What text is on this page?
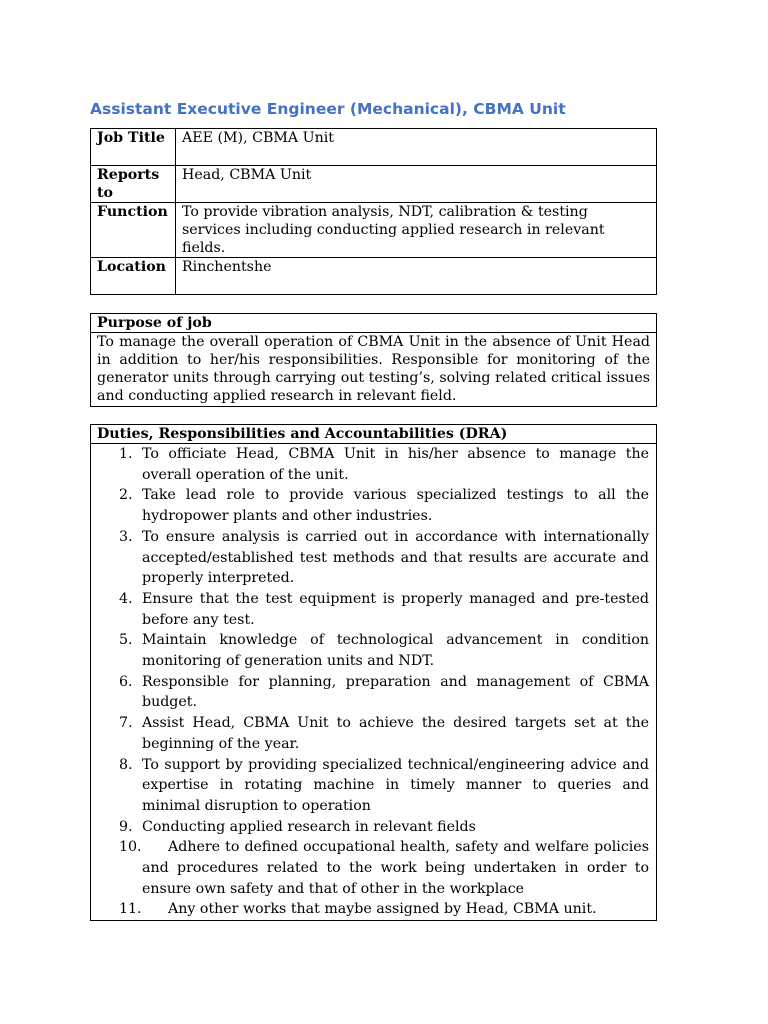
Assistant Executive Engineer (Mechanical), CBMA Unit
Job Title	AEE (M), CBMA Unit
Reports to	Head, CBMA Unit
Function	To provide vibration analysis, NDT, calibration & testing services including conducting applied research in relevant fields.
Location	Rinchentshe
Purpose of job
To manage the overall operation of CBMA Unit in the absence of Unit Head in addition to her/his responsibilities. Responsible for monitoring of the generator units through carrying out testing’s, solving related critical issues and conducting applied research in relevant field.
Duties, Responsibilities and Accountabilities (DRA)

1. To officiate Head, CBMA Unit in his/her absence to manage the overall operation of the unit.
2. Take lead role to provide various specialized testings to all the hydropower plants and other industries.
3. To ensure analysis is carried out in accordance with internationally accepted/established test methods and that results are accurate and properly interpreted.
4. Ensure that the test equipment is properly managed and pre-tested before any test.
5. Maintain knowledge of technological advancement in condition monitoring of generation units and NDT.
6. Responsible for planning, preparation and management of CBMA budget.
7. Assist Head, CBMA Unit to achieve the desired targets set at the beginning of the year.
8. To support by providing specialized technical/engineering advice and expertise in rotating machine in timely manner to queries and minimal disruption to operation
9. Conducting applied research in relevant fields
10. Adhere to defined occupational health, safety and welfare policies and procedures related to the work being undertaken in order to ensure own safety and that of other in the workplace
11. Any other works that maybe assigned by Head, CBMA unit.
